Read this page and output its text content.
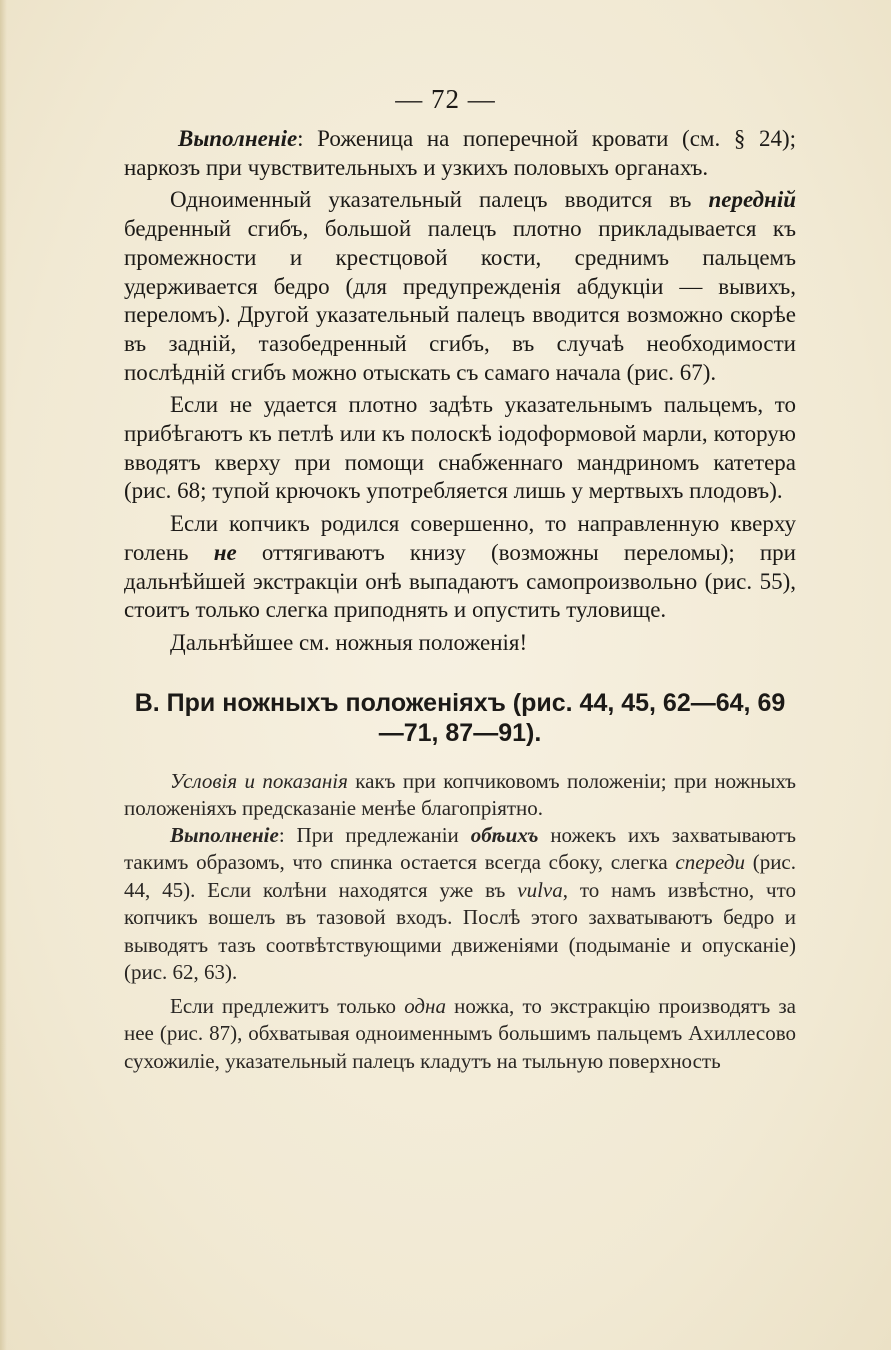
— 72 —

Выполненіе: Роженица на поперечной кровати (см. § 24); наркозъ при чувствительныхъ и узкихъ половыхъ органахъ.

Одноименный указательный палецъ вводится въ передній бедренный сгибъ, большой палецъ плотно прикладывается къ промежности и крестцовой кости, среднимъ пальцемъ удерживается бедро (для предупрежденія абдукціи — вывихъ, переломъ). Другой указательный палецъ вводится возможно скорѣе въ задній, тазобедренный сгибъ, въ случаѣ необходимости послѣдній сгибъ можно отыскать съ самаго начала (рис. 67).

Если не удается плотно задѣть указательнымъ пальцемъ, то прибѣгаютъ къ петлѣ или къ полоскѣ іодоформовой марли, которую вводятъ кверху при помощи снабженнаго мандриномъ катетера (рис. 68; тупой крючокъ употребляется лишь у мертвыхъ плодовъ).

Если копчикъ родился совершенно, то направленную кверху голень не оттягиваютъ книзу (возможны переломы); при дальнѣйшей экстракціи онѣ выпадаютъ самопроизвольно (рис. 55), стоитъ только слегка приподнять и опустить туловище.

Дальнѣйшее см. ножныя положенія!

B. При ножныхъ положеніяхъ (рис. 44, 45, 62—64, 69—71, 87—91).

Условія и показанія какъ при копчиковомъ положеніи; при ножныхъ положеніяхъ предсказаніе менѣе благопріятно.

Выполненіе: При предлежаніи обѣихъ ножекъ ихъ захватываютъ такимъ образомъ, что спинка остается всегда сбоку, слегка спереди (рис. 44, 45). Если колѣни находятся уже въ vulva, то намъ извѣстно, что копчикъ вошелъ въ тазовой входъ. Послѣ этого захватываютъ бедро и выводятъ тазъ соотвѣтствующими движеніями (подыманіе и опусканіе) (рис. 62, 63).

Если предлежитъ только одна ножка, то экстракцію производятъ за нее (рис. 87), обхватывая одноименнымъ большимъ пальцемъ Ахиллесово сухожиліе, указательный палецъ кладутъ на тыльную поверхность
